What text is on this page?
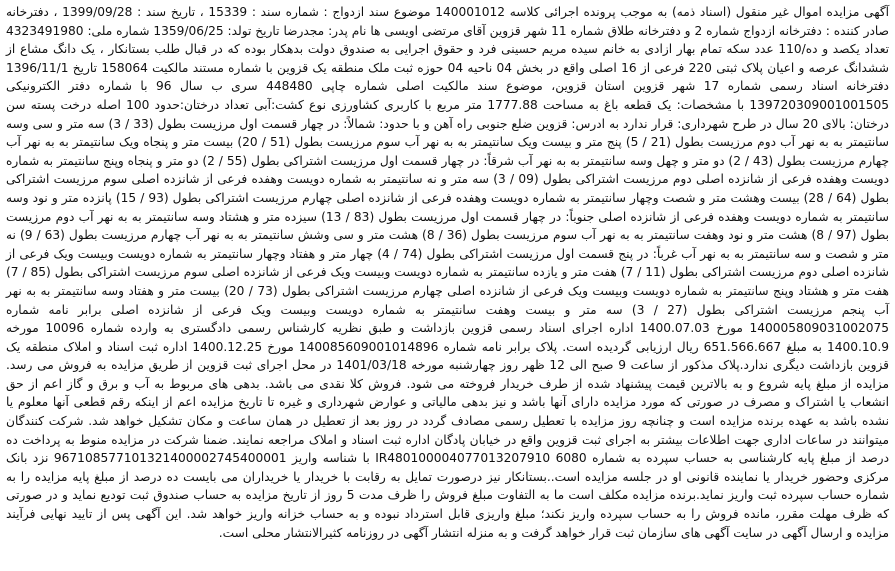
آگهی مزایده اموال غیر منقول (اسناد ذمه) به موجب پرونده اجرائی کلاسه 140001012 موضوع سند ازدواج : شماره سند : 15339 ، تاریخ سند : 1399/09/28 ، دفترخانه صادر کننده : دفترخانه ازدواج شماره 2 و دفترخانه طلاق شماره 11 شهر قزوین آقای مرتضی اویسی ها نام پدر: مجدرضا تاریخ تولد: 1359/06/25 شماره ملی: 4323491980 تعداد یکصد و ده/110 عدد سکه تمام بهار ازادی به خانم سیده مریم حسینی فرد و حقوق اجرایی به صندوق دولت بدهکار بوده که در قبال طلب بستانکار ، یک دانگ مشاع از ششدانگ عرصه و اعیان پلاک ثبتی 220 فرعی از 16 اصلی واقع در بخش 04 ناحیه 04 حوزه ثبت ملک منطقه یک قزوین با شماره مستند مالکیت 158064 تاریخ 1396/11/1 دفترخانه اسناد رسمی شماره 17 شهر قزوین استان قزوین، موضوع سند مالکیت اصلی شماره چاپی 448480 سری ب سال 96 با شماره دفتر الکترونیکی 139720309001001505 با مشخصات: یک قطعه باغ به مساحت 1777.88 متر مربع با کاربری کشاورزی نوع کشت:آبی تعداد درختان:حدود 100 اصله درخت پسته سن درختان: بالای 20 سال در طرح شهرداری: قرار ندارد به ادرس: قزوین ضلع جنوبی راه آهن و با حدود: شمالاً: در چهار قسمت اول مرزیست بطول (33 / 3) سه متر و سی وسه سانتیمتر به به نهر آب دوم مرزیست بطول (21 / 5) پنج متر و بیست ویک سانتیمتر به به نهر آب سوم مرزیست بطول (51 / 20) بیست متر و پنجاه ویک سانتیمتر به به نهر آب چهارم مرزیست بطول (43 / 2) دو متر و چهل وسه سانتیمتر به به نهر آب شرقاً: در چهار قسمت اول مرزیست اشتراکی بطول (55 / 2) دو متر و پنجاه وپنج سانتیمتر به شماره دویست وهفده فرعی از شانزده اصلی دوم مرزیست اشتراکی بطول (09 / 3) سه متر و نه سانتیمتر به شماره دویست وهفده فرعی از شانزده اصلی سوم مرزیست اشتراکی بطول (64 / 28) بیست وهشت متر و شصت وچهار سانتیمتر به شماره دویست وهفده فرعی از شانزده اصلی چهارم مرزیست اشتراکی بطول (93 / 15) پانزده متر و نود وسه سانتیمتر به شماره دویست وهفده فرعی از شانزده اصلی جنوباً: در چهار قسمت اول مرزیست بطول (83 / 13) سیزده متر و هشتاد وسه سانتیمتر به به نهر آب دوم مرزیست بطول (97 / 8) هشت متر و نود وهفت سانتیمتر به به نهر آب سوم مرزیست بطول (36 / 8) هشت متر و سی وشش سانتیمتر به به نهر آب چهارم مرزیست بطول (63 / 9) نه متر و شصت و سه سانتیمتر به به نهر آب غرباً: در پنج قسمت اول مرزیست اشتراکی بطول (74 / 4) چهار متر و هفتاد وچهار سانتیمتر به شماره دویست وبیست ویک فرعی از شانزده اصلی دوم مرزیست اشتراکی بطول (11 / 7) هفت متر و یازده سانتیمتر به شماره دویست وبیست ویک فرعی از شانزده اصلی سوم مرزیست اشتراکی بطول (85 / 7) هفت متر و هشتاد وپنج سانتیمتر به شماره دویست وبیست ویک فرعی از شانزده اصلی چهارم مرزیست اشتراکی بطول (73 / 20) بیست متر و هفتاد وسه سانتیمتر به به نهر آب پنجم مرزیست اشتراکی بطول (27 / 3) سه متر و بیست وهفت سانتیمتر به شماره دویست وبیست ویک فرعی از شانزده اصلی برابر نامه شماره 140005809031002075 مورخ 1400.07.03 اداره اجرای اسناد رسمی قزوین بازداشت و طبق نظریه کارشناس رسمی دادگستری به وارده شماره 10096 مورخه 1400.10.9 به مبلغ 651.566.667 ریال ارزیابی گردیده است. پلاک برابر نامه شماره 140085609001014896 مورخ 1400.12.25 اداره ثبت اسناد و املاک منطقه یک قزوین بازداشت دیگری ندارد.پلاک مذکور از ساعت 9 صبح الی 12 ظهر روز چهارشنبه مورخه 1401/03/18 در محل اجرای ثبت قزوین از طریق مزایده به فروش می رسد. مزایده از مبلغ پایه شروع و به بالاترین قیمت پیشنهاد شده از طرف خریدار فروخته می شود. فروش کلا نقدی می باشد. بدهی های مربوط به آب و برق و گاز اعم از حق انشعاب یا اشتراک و مصرف در صورتی که مورد مزایده دارای آنها باشد و نیز بدهی مالیاتی و عوارض شهرداری و غیره تا تاریخ مزایده اعم از اینکه رقم قطعی آنها معلوم یا نشده باشد به عهده برنده مزایده است و چنانچه روز مزایده با تعطیل رسمی مصادف گردد در روز بعد از تعطیل در همان ساعت و مکان تشکیل خواهد شد. شرکت کنندگان میتوانند در ساعات اداری جهت اطلاعات بیشتر به اجرای ثبت قزوین واقع در خیابان پادگان اداره ثبت اسناد و املاک مراجعه نمایند. ضمنا شرکت در مزایده منوط به پرداخت ده درصد از مبلغ پایه کارشناسی به حساب سپرده به شماره IR480100004077013207910 6080 با شناسه واریز 967108577101321400002745400001 نزد بانک مرکزی وحضور خریدار یا نماینده قانونی او در جلسه مزایده است..بستانکار نیز درصورت تمایل به رقابت با خریدار یا خریداران می بایست ده درصد از مبلغ پایه مزایده را به شماره حساب سپرده ثبت واریز نماید.برنده مزایده مکلف است ما به التفاوت مبلغ فروش را ظرف مدت 5 روز از تاریخ مزایده به حساب صندوق ثبت تودیع نماید و در صورتی که ظرف مهلت مقرر، مانده فروش را به حساب سپرده واریز نکند؛ مبلغ واریزی قابل استرداد نبوده و به حساب خزانه واریز خواهد شد. این آگهی پس از تایید نهایی فرآیند مزایده و ارسال آگهی در سایت آگهی های سازمان ثبت قرار خواهد گرفت و به منزله انتشار آگهی در روزنامه کثیرالانتشار محلی است.
